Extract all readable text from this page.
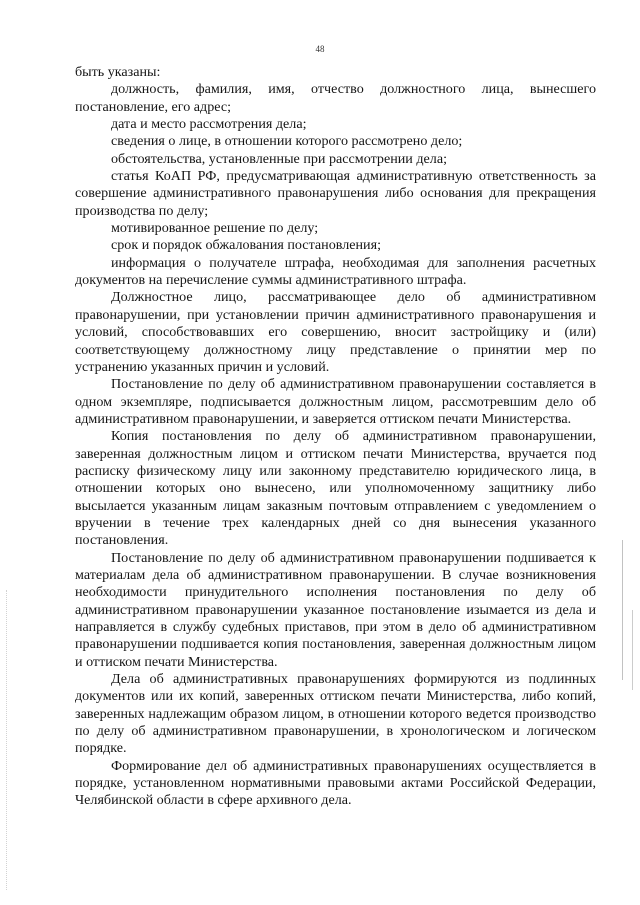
48

быть указаны:

должность, фамилия, имя, отчество должностного лица, вынесшего постановление, его адрес;

дата и место рассмотрения дела;

сведения о лице, в отношении которого рассмотрено дело;

обстоятельства, установленные при рассмотрении дела;

статья КоАП РФ, предусматривающая административную ответственность за совершение административного правонарушения либо основания для прекращения производства по делу;

мотивированное решение по делу;

срок и порядок обжалования постановления;

информация о получателе штрафа, необходимая для заполнения расчетных документов на перечисление суммы административного штрафа.

Должностное лицо, рассматривающее дело об административном правонарушении, при установлении причин административного правонарушения и условий, способствовавших его совершению, вносит застройщику и (или) соответствующему должностному лицу представление о принятии мер по устранению указанных причин и условий.

Постановление по делу об административном правонарушении составляется в одном экземпляре, подписывается должностным лицом, рассмотревшим дело об административном правонарушении, и заверяется оттиском печати Министерства.

Копия постановления по делу об административном правонарушении, заверенная должностным лицом и оттиском печати Министерства, вручается под расписку физическому лицу или законному представителю юридического лица, в отношении которых оно вынесено, или уполномоченному защитнику либо высылается указанным лицам заказным почтовым отправлением с уведомлением о вручении в течение трех календарных дней со дня вынесения указанного постановления.

Постановление по делу об административном правонарушении подшивается к материалам дела об административном правонарушении. В случае возникновения необходимости принудительного исполнения постановления по делу об административном правонарушении указанное постановление изымается из дела и направляется в службу судебных приставов, при этом в дело об административном правонарушении подшивается копия постановления, заверенная должностным лицом и оттиском печати Министерства.

Дела об административных правонарушениях формируются из подлинных документов или их копий, заверенных оттиском печати Министерства, либо копий, заверенных надлежащим образом лицом, в отношении которого ведется производство по делу об административном правонарушении, в хронологическом и логическом порядке.

Формирование дел об административных правонарушениях осуществляется в порядке, установленном нормативными правовыми актами Российской Федерации, Челябинской области в сфере архивного дела.
